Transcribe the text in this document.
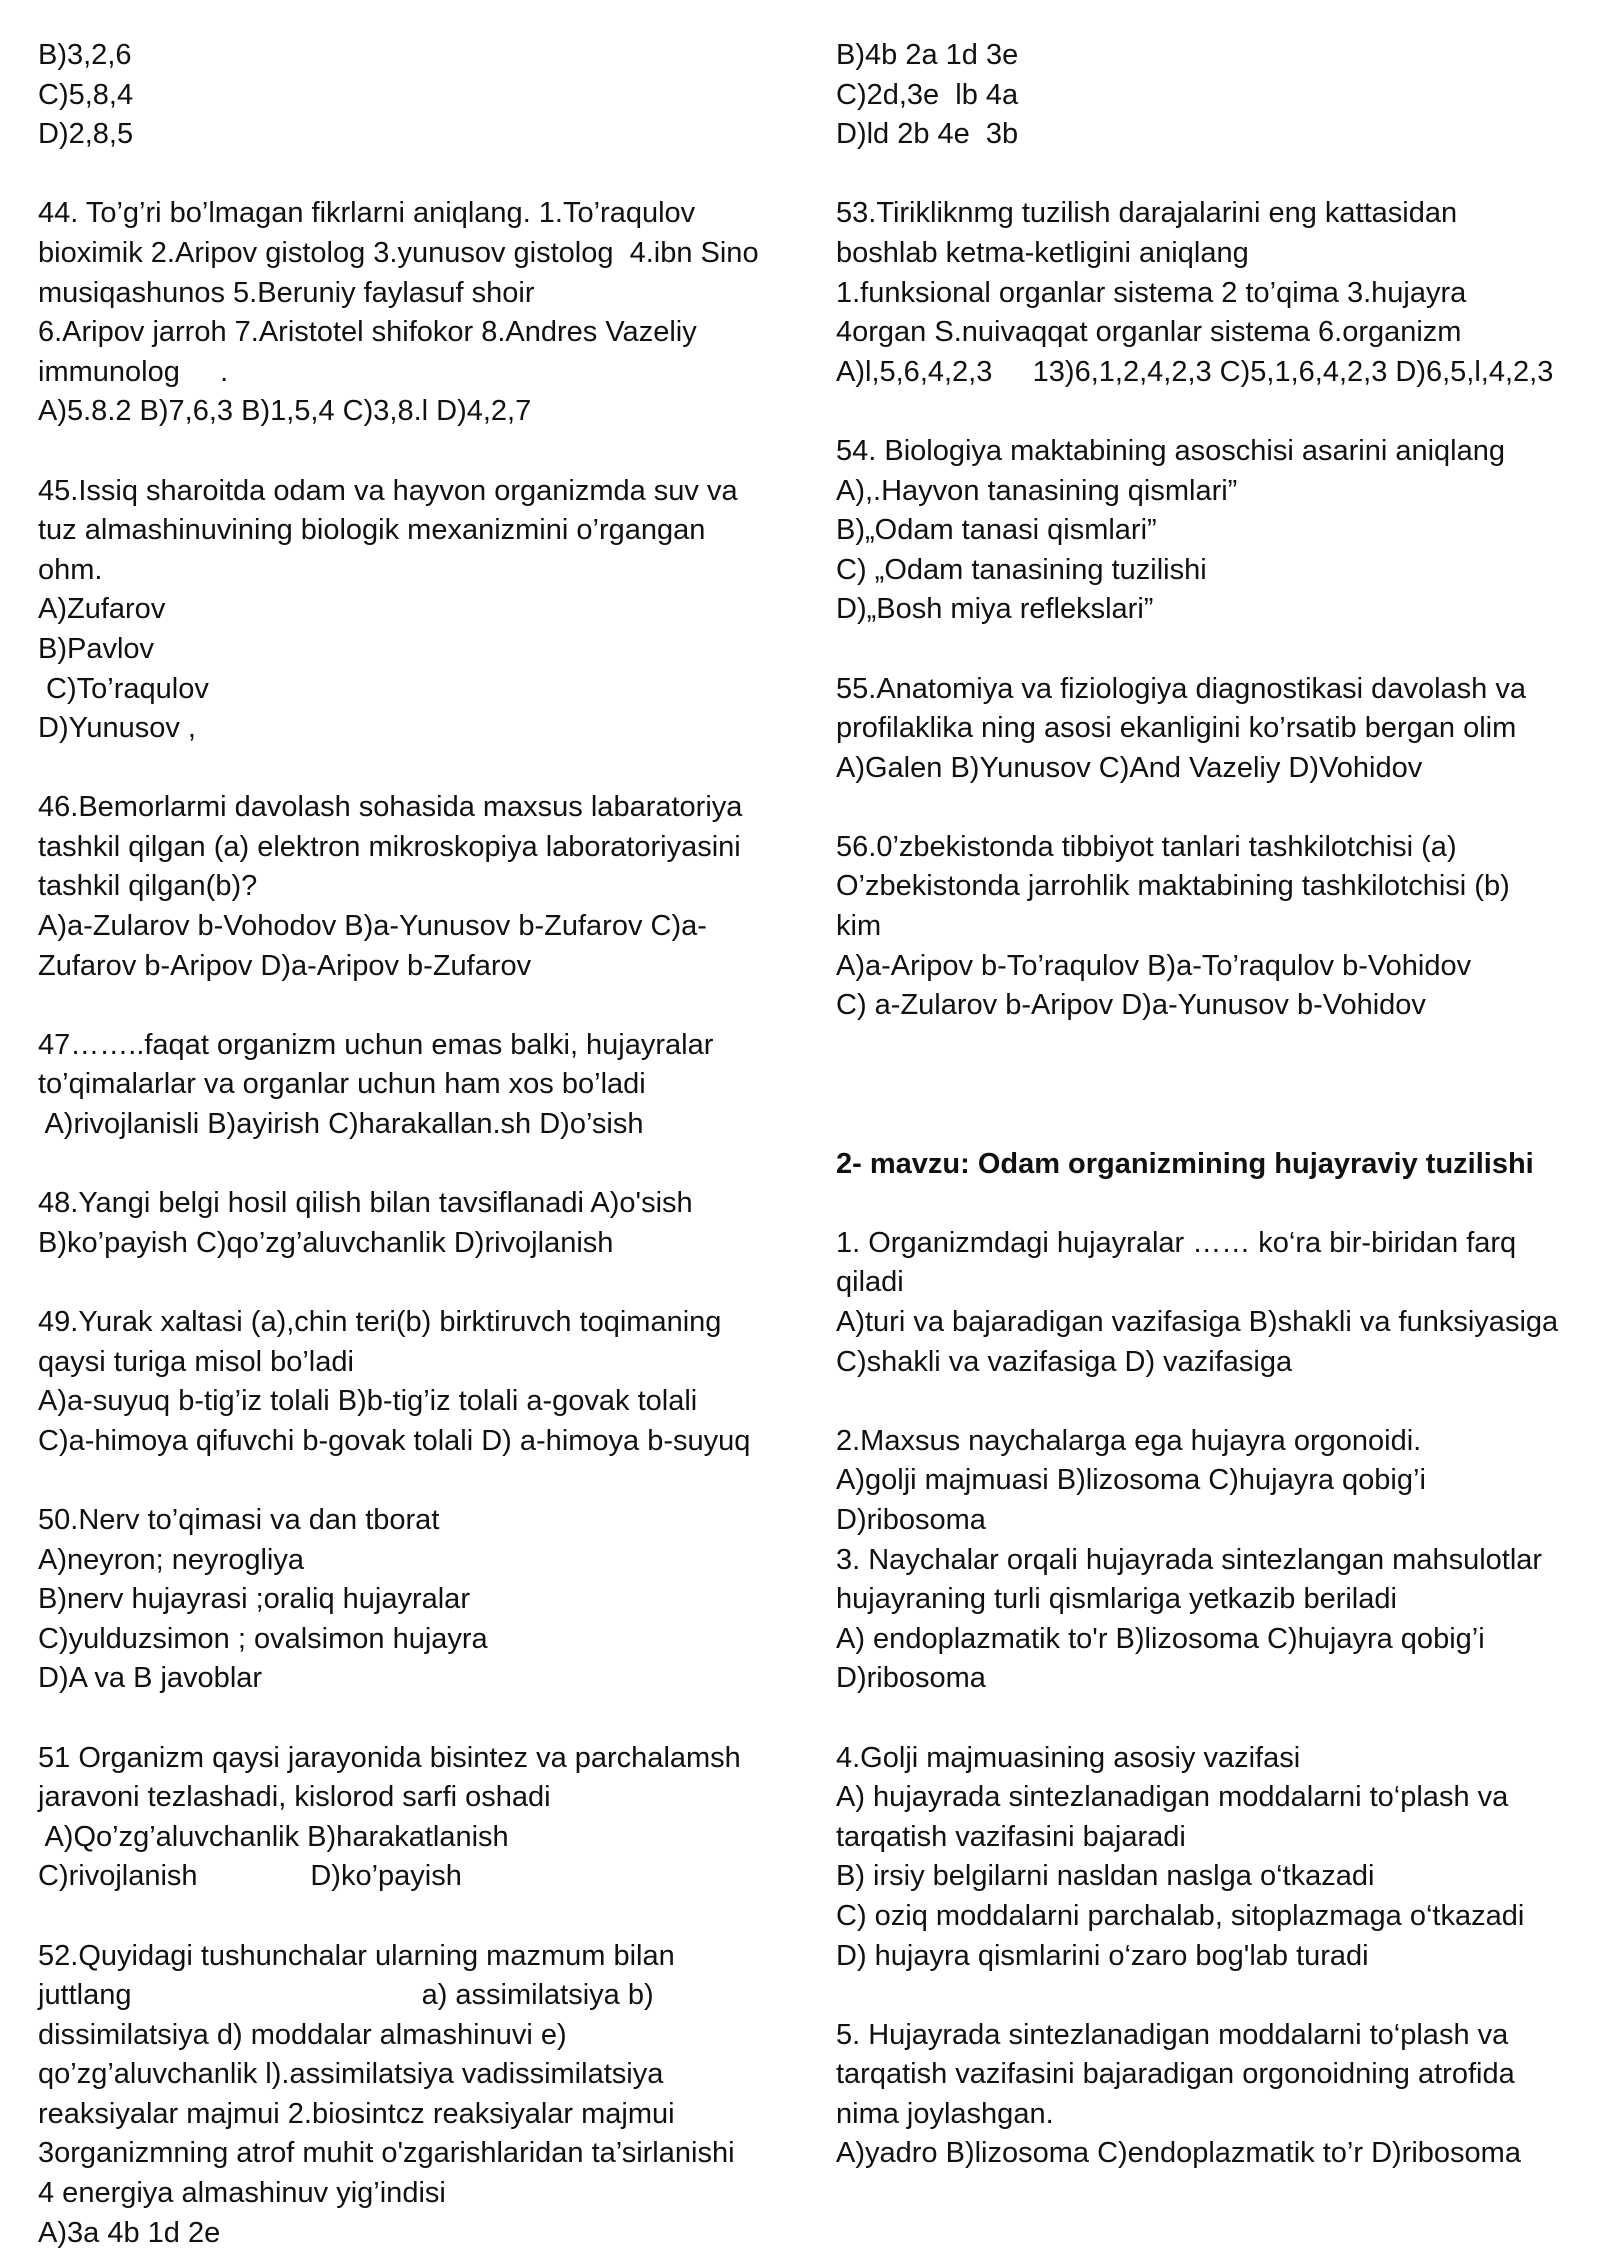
B)3,2,6
C)5,8,4
D)2,8,5
44. To’g’ri bo’lmagan fikrlarni aniqlang. 1.To’raqulov
bioximik 2.Aripov gistolog 3.yunusov gistolog  4.ibn Sino
musiqashunos 5.Beruniy faylasuf shoir
6.Aripov jarroh 7.Aristotel shifokor 8.Andres Vazeliy
immunolog     .
A)5.8.2 B)7,6,3 B)1,5,4 C)3,8.l D)4,2,7
45.Issiq sharoitda odam va hayvon organizmda suv va
tuz almashinuvining biologik mexanizmini o’rgangan
ohm.
A)Zufarov
B)Pavlov
C)To’raqulov
D)Yunusov ,
46.Bemorlarmi davolash sohasida maxsus labaratoriya
tashkil qilgan (a) elektron mikroskopiya laboratoriyasini
tashkil qilgan(b)?
A)a-Zularov b-Vohodov B)a-Yunusov b-Zufarov C)a-
Zufarov b-Aripov D)a-Aripov b-Zufarov
47……..faqat organizm uchun emas balki, hujayralar
to’qimalarlar va organlar uchun ham xos bo’ladi
A)rivojlanisli B)ayirish C)harakallan.sh D)o’sish
48.Yangi belgi hosil qilish bilan tavsiflanadi A)o'sish
B)ko’payish C)qo’zg’aluvchanlik D)rivojlanish
49.Yurak xaltasi (a),chin teri(b) birktiruvch toqimaning
qaysi turiga misol bo’ladi
A)a-suyuq b-tig’iz tolali B)b-tig’iz tolali a-govak tolali
C)a-himoya qifuvchi b-govak tolali D) a-himoya b-suyuq
50.Nerv to’qimasi va dan tborat
A)neyron; neyrogliya
B)nerv hujayrasi ;oraliq hujayralar
C)yulduzsimon ; ovalsimon hujayra
D)A va B javoblar
51 Organizm qaysi jarayonida bisintez va parchalamsh
jaravoni tezlashadi, kislorod sarfi oshadi
A)Qo’zg’aluvchanlik B)harakatlanish
C)rivojlanish              D)ko’payish
52.Quyidagi tushunchalar ularning mazmum bilan
juttlang                                    a) assimilatsiya b)
dissimilatsiya d) moddalar almashinuvi e)
qo’zg’aluvchanlik l).assimilatsiya vadissimilatsiya
reaksiyalar majmui 2.biosintcz reaksiyalar majmui
3organizmning atrof muhit o'zgarishlaridan ta’sirlanishi
4 energiya almashinuv yig’indisi
A)3a 4b 1d 2e
B)4b 2a 1d 3e
C)2d,3e  lb 4a
D)ld 2b 4e  3b
53.Tirikliknmg tuzilish darajalarini eng kattasidan
boshlab ketma-ketligini aniqlang
1.funksional organlar sistema 2 to’qima 3.hujayra
4organ S.nuivaqqat organlar sistema 6.organizm
A)l,5,6,4,2,3     13)6,1,2,4,2,3 C)5,1,6,4,2,3 D)6,5,l,4,2,3
54. Biologiya maktabining asoschisi asarini aniqlang
A),.Hayvon tanasining qismlari”
B)„Odam tanasi qismlari”
C) „Odam tanasining tuzilishi
D)„Bosh miya reflekslari”
55.Anatomiya va fiziologiya diagnostikasi davolash va
profilaklika ning asosi ekanligini ko’rsatib bergan olim
A)Galen B)Yunusov C)And Vazeliy D)Vohidov
56.0’zbekistonda tibbiyot tanlari tashkilotchisi (a)
O’zbekistonda jarrohlik maktabining tashkilotchisi (b)
kim
A)a-Aripov b-To’raqulov B)a-To’raqulov b-Vohidov
C) a-Zularov b-Aripov D)a-Yunusov b-Vohidov
2- mavzu: Odam organizmining hujayraviy tuzilishi
1. Organizmdagi hujayralar …… ko‘ra bir-biridan farq
qiladi
A)turi va bajaradigan vazifasiga B)shakli va funksiyasiga
C)shakli va vazifasiga D) vazifasiga
2.Maxsus naychalarga ega hujayra orgonoidi.
A)golji majmuasi B)lizosoma C)hujayra qobig’i
D)ribosoma
3. Naychalar orqali hujayrada sintezlangan mahsulotlar
hujayraning turli qismlariga yetkazib beriladi
A) endoplazmatik to'r B)lizosoma C)hujayra qobig’i
D)ribosoma
4.Golji majmuasining asosiy vazifasi
A) hujayrada sintezlanadigan moddalarni to‘plash va
tarqatish vazifasini bajaradi
B) irsiy belgilarni nasldan naslga o‘tkazadi
C) oziq moddalarni parchalab, sitoplazmaga o‘tkazadi
D) hujayra qismlarini o‘zaro bog'lab turadi
5. Hujayrada sintezlanadigan moddalarni to‘plash va
tarqatish vazifasini bajaradigan orgonoidning atrofida
nima joylashgan.
A)yadro B)lizosoma C)endoplazmatik to’r D)ribosoma
